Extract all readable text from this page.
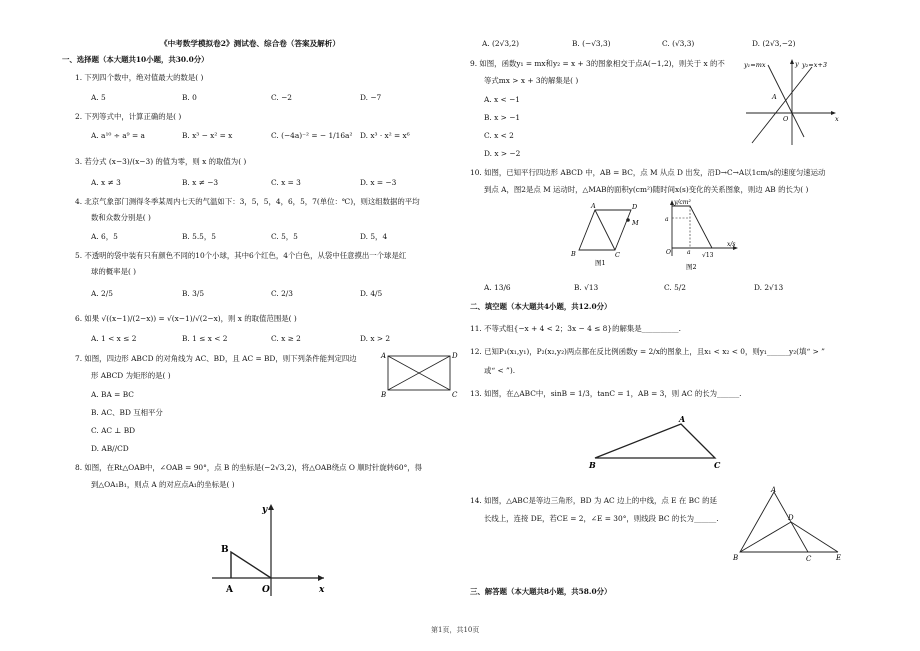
《中考数学模拟卷2》测试卷、综合卷（答案及解析）
一、选择题（本大题共10小题，共30.0分）
1. 下列四个数中，绝对值最大的数是( )
A. 5	B. 0	C. −2	D. −7
2. 下列等式中，计算正确的是( )
A. a¹⁰ ÷ a⁹ = a	B. x³ − x² = x	C. (−4a)⁻² = − 1/16a² D. x³ · x² = x⁶
3. 若分式 (x−3)/(x−3) 的值为零，则 x 的取值为( )
A. x ≠ 3	B. x ≠ −3	C. x = 3	D. x = −3
4. 北京气象部门测得冬季某周内七天的气温如下：3，5，5，4，6，5，7(单位：℃)，则这组数据的平均
数和众数分别是( )
A. 6，5	B. 5.5，5	C. 5，5	D. 5，4
5. 不透明的袋中装有只有颜色不同的10个小球，其中6个红色，4个白色，从袋中任意摸出一个球是红
球的概率是( )
A. 2/5	B. 3/5	C. 2/3	D. 4/5
6. 如果 √((x−1)/(2−x)) = √(x−1)/√(2−x)，则 x 的取值范围是( )
A. 1 < x ≤ 2	B. 1 ≤ x < 2	C. x ≥ 2	D. x > 2
7. 如图，四边形 ABCD 的对角线为 AC、BD，且 AC = BD，则下列条件能判定四边
形 ABCD 为矩形的是( )
A. BA = BC
B. AC、BD 互相平分
C. AC ⊥ BD
D. AB//CD
A	D
B	C
8. 如图，在Rt△OAB中，∠OAB = 90°，点 B 的坐标是(−2√3,2)，将△OAB绕点 O 顺时针旋转60°，得
到△OA₁B₁，则点 A 的对应点A₁的坐标是( )
y
B
A	O	x
A. (2√3,2)	B. (−√3,3)	C. (√3,3)	D. (2√3,−2)
9. 如图，函数y₁ = mx和y₂ = x + 3的图象相交于点A(−1,2)，则关于 x 的不
等式mx > x + 3的解集是( )
A. x < −1
B. x > −1
C. x < 2
D. x > −2
y₁=mx	y y₂=x+3
A
O	x
10. 如图，已知平行四边形 ABCD 中，AB = BC，点 M 从点 D 出发，沿D→C→A以1cm/s的速度匀速运动
到点 A，图2是点 M 运动时，△MAB的面积y(cm²)随时间x(s)变化的关系图象，则边 AB 的长为( )
A	D
M
B	C
图1
y/cm²
a
O	a
x/s
√13
图2
A. 13/6	B. √13	C. 5/2	D. 2√13
二、填空题（本大题共4小题，共12.0分）
11. 不等式组{−x + 4 < 2；3x − 4 ≤ 8}的解集是__________.
12. 已知P₁(x₁,y₁)，P₂(x₂,y₂)两点都在反比例函数y = 2/x的图象上，且x₁ < x₂ < 0，则y₁______y₂(填“ > ”
或“ < ”).
13. 如图，在△ABC中，sinB = 1/3，tanC = 1，AB = 3，则 AC 的长为______.
A
B	C
14. 如图，△ABC是等边三角形，BD 为 AC 边上的中线，点 E 在 BC 的延
长线上，连接 DE，若CE = 2，∠E = 30°，则线段 BC 的长为______.
A
D
B	C	E
三、解答题（本大题共8小题，共58.0分）
第1页，共10页
